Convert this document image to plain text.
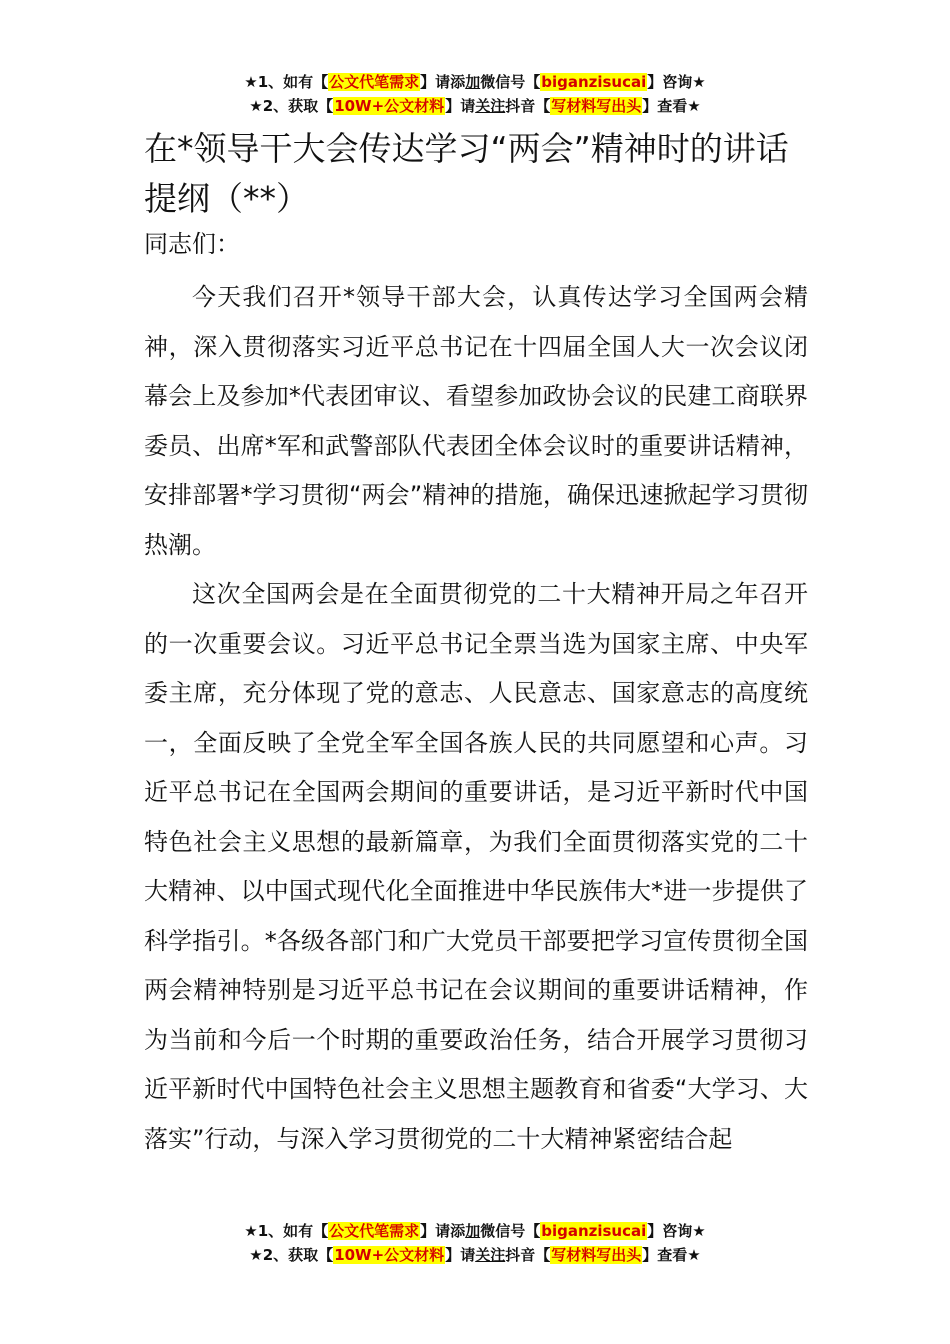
★1、如有【公文代笔需求】请添加微信号【biganzisucai】咨询★
★2、获取【10W+公文材料】请关注抖音【写材料写出头】查看★
在*领导干大会传达学习“两会”精神时的讲话提纲（**）

同志们：

今天我们召开*领导干部大会，认真传达学习全国两会精神，深入贯彻落实习近平总书记在十四届全国人大一次会议闭幕会上及参加*代表团审议、看望参加政协会议的民建工商联界委员、出席*军和武警部队代表团全体会议时的重要讲话精神，安排部署*学习贯彻“两会”精神的措施，确保迅速掀起学习贯彻热潮。

这次全国两会是在全面贯彻党的二十大精神开局之年召开的一次重要会议。习近平总书记全票当选为国家主席、中央军委主席，充分体现了党的意志、人民意志、国家意志的高度统一，全面反映了全党全军全国各族人民的共同愿望和心声。习近平总书记在全国两会期间的重要讲话，是习近平新时代中国特色社会主义思想的最新篇章，为我们全面贯彻落实党的二十大精神、以中国式现代化全面推进中华民族伟大*进一步提供了科学指引。*各级各部门和广大党员干部要把学习宣传贯彻全国两会精神特别是习近平总书记在会议期间的重要讲话精神，作为当前和今后一个时期的重要政治任务，结合开展学习贯彻习近平新时代中国特色社会主义思想主题教育和省委“大学习、大落实”行动，与深入学习贯彻党的二十大精神紧密结合起

★1、如有【公文代笔需求】请添加微信号【biganzisucai】咨询★
★2、获取【10W+公文材料】请关注抖音【写材料写出头】查看★
